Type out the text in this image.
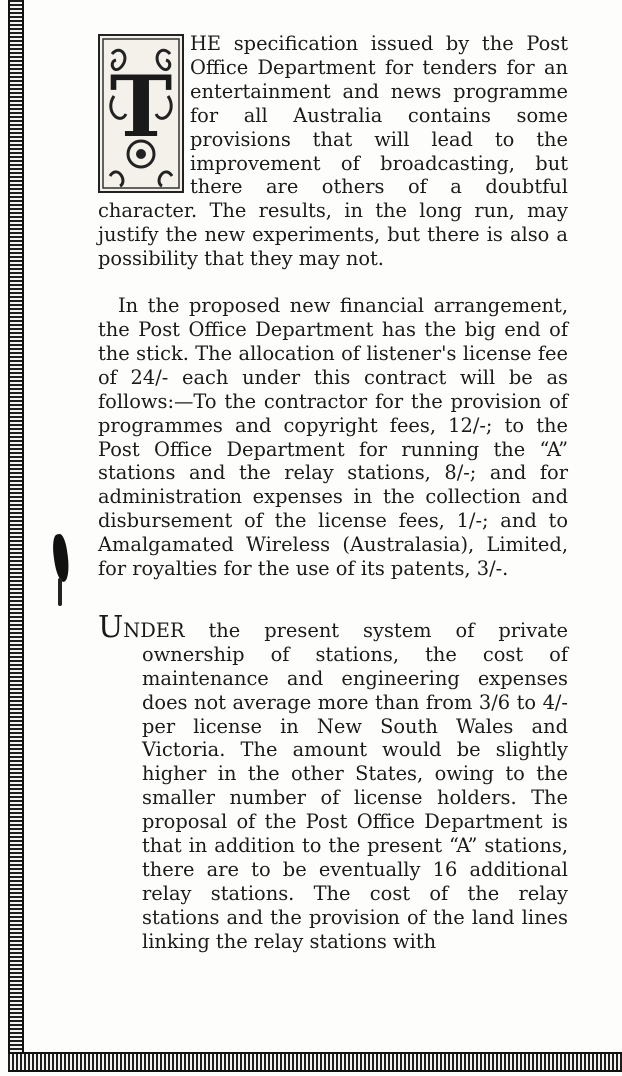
T

HE specification issued by the Post Office Department for tenders for an entertainment and news programme for all Australia contains some provisions that will lead to the improvement of broadcasting, but there are others of a doubtful character. The results, in the long run, may justify the new experiments, but there is also a possibility that they may not.

In the proposed new financial arrangement, the Post Office Department has the big end of the stick. The allocation of listener's license fee of 24/- each under this contract will be as follows:—To the contractor for the provision of programmes and copyright fees, 12/-; to the Post Office Department for running the “A” stations and the relay stations, 8/-; and for administration expenses in the collection and disbursement of the license fees, 1/-; and to Amalgamated Wireless (Australasia), Limited, for royalties for the use of its patents, 3/-.

UNDER the present system of private ownership of stations, the cost of maintenance and engineering expenses does not average more than from 3/6 to 4/- per license in New South Wales and Victoria. The amount would be slightly higher in the other States, owing to the smaller number of license holders. The proposal of the Post Office Department is that in addition to the present “A” stations, there are to be eventually 16 additional relay stations. The cost of the relay stations and the provision of the land lines linking the relay stations with
